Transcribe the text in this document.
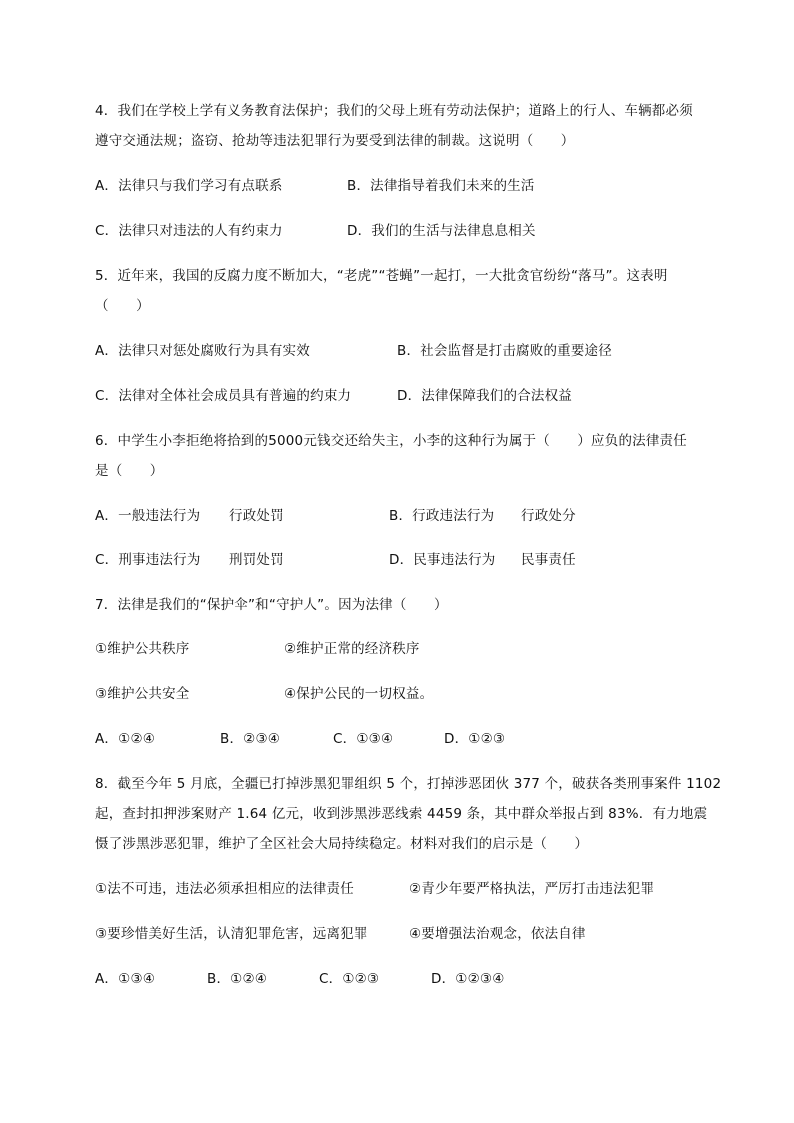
4．我们在学校上学有义务教育法保护；我们的父母上班有劳动法保护；道路上的行人、车辆都必须
遵守交通法规；盗窃、抢劫等违法犯罪行为要受到法律的制裁。这说明（　　）
A．法律只与我们学习有点联系	B．法律指导着我们未来的生活
C．法律只对违法的人有约束力	D．我们的生活与法律息息相关
5．近年来，我国的反腐力度不断加大，“老虎”“苍蝇”一起打，一大批贪官纷纷“落马”。这表明
（　　）
A．法律只对惩处腐败行为具有实效	B．社会监督是打击腐败的重要途径
C．法律对全体社会成员具有普遍的约束力	D．法律保障我们的合法权益
6．中学生小李拒绝将拾到的5000元钱交还给失主，小李的这种行为属于（　　）应负的法律责任
是（　　）
A．一般违法行为 行政处罚	B．行政违法行为 行政处分
C．刑事违法行为 刑罚处罚	D．民事违法行为 民事责任
7．法律是我们的“保护伞”和“守护人”。因为法律（　　）
①维护公共秩序	②维护正常的经济秩序
③维护公共安全	④保护公民的一切权益。
A．①②④	B．②③④	C．①③④	D．①②③
8．截至今年 5 月底，全疆已打掉涉黑犯罪组织 5 个，打掉涉恶团伙 377 个，破获各类刑事案件 1102
起，查封扣押涉案财产 1.64 亿元，收到涉黑涉恶线索 4459 条，其中群众举报占到 83%．有力地震
慑了涉黑涉恶犯罪，维护了全区社会大局持续稳定。材料对我们的启示是（　　）
①法不可违，违法必须承担相应的法律责任	②青少年要严格执法，严厉打击违法犯罪
③要珍惜美好生活，认清犯罪危害，远离犯罪	④要增强法治观念，依法自律
A．①③④	B．①②④	C．①②③	D．①②③④
